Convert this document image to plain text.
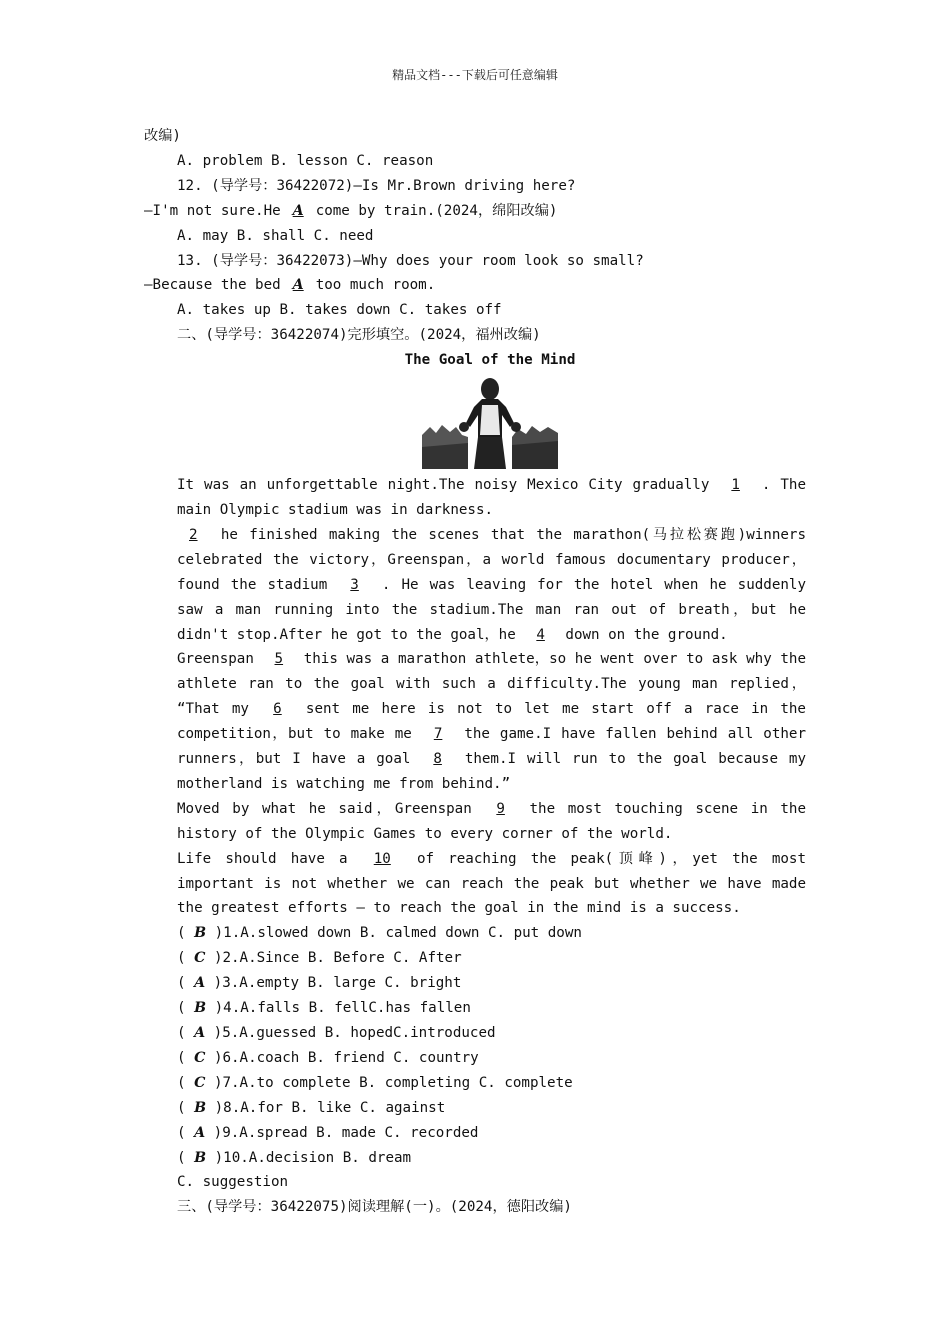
精品文档---下载后可任意编辑

改编)

A. problem B. lesson C. reason

12. (导学号：36422072)—Is Mr.Brown driving here?

—I'm not sure.He A come by train.(2024，绵阳改编)

A. may B. shall C. need

13. (导学号：36422073)—Why does your room look so small?

—Because the bed A too much room.

A. takes up B. takes down C. takes off

二、(导学号：36422074)完形填空。(2024，福州改编)

The Goal of the Mind

It was an unforgettable night.The noisy Mexico City gradually 1 . The main Olympic stadium was in darkness.

2 he finished making the scenes that the marathon(马拉松赛跑)winners celebrated the victory，Greenspan，a world famous documentary producer，found the stadium 3 . He was leaving for the hotel when he suddenly saw a man running into the stadium.The man ran out of breath，but he didn't stop.After he got to the goal，he 4 down on the ground.

Greenspan 5 this was a marathon athlete，so he went over to ask why the athlete ran to the goal with such a difficulty.The young man replied， “That my 6 sent me here is not to let me start off a race in the competition，but to make me 7 the game.I have fallen behind all other runners，but I have a goal 8 them.I will run to the goal because my motherland is watching me from behind.”

Moved by what he said，Greenspan 9 the most touching scene in the history of the Olympic Games to every corner of the world.

Life should have a 10 of reaching the peak(顶峰)，yet the most important is not whether we can reach the peak but whether we have made the greatest efforts — to reach the goal in the mind is a success.

( B )1.A.slowed down B. calmed down C. put down

( C )2.A.Since B. Before C. After

( A )3.A.empty B. large C. bright

( B )4.A.falls B. fellC.has fallen

( A )5.A.guessed B. hopedC.introduced

( C )6.A.coach B. friend C. country

( C )7.A.to complete B. completing C. complete

( B )8.A.for B. like C. against

( A )9.A.spread B. made C. recorded

( B )10.A.decision B. dream

C. suggestion

三、(导学号：36422075)阅读理解(一)。(2024，德阳改编)
